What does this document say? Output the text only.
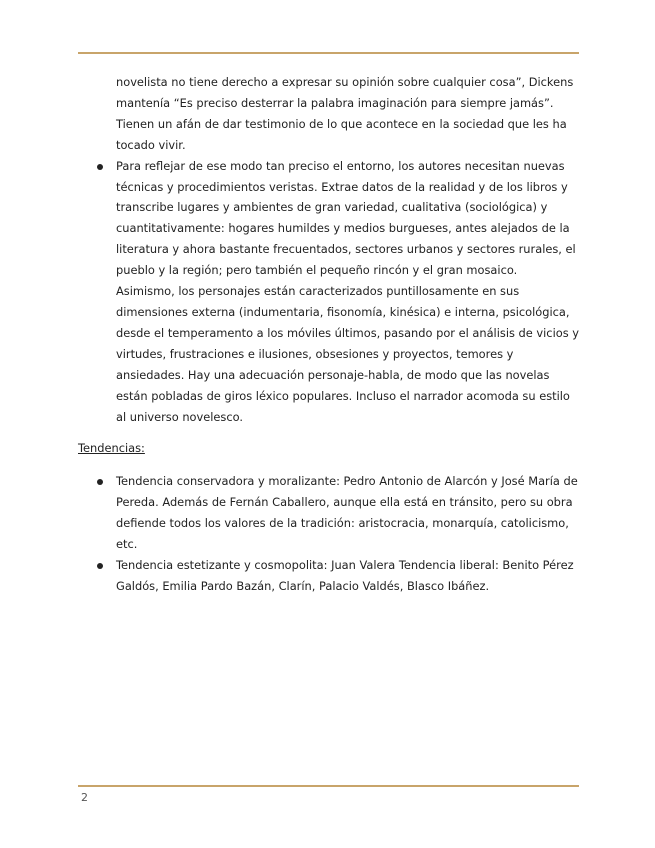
novelista no tiene derecho a expresar su opinión sobre cualquier cosa”, Dickens mantenía “Es preciso desterrar la palabra imaginación para siempre jamás”. Tienen un afán de dar testimonio de lo que acontece en la sociedad que les ha tocado vivir.

Para reflejar de ese modo tan preciso el entorno, los autores necesitan nuevas técnicas y procedimientos veristas. Extrae datos de la realidad y de los libros y transcribe lugares y ambientes de gran variedad, cualitativa (sociológica) y cuantitativamente: hogares humildes y medios burgueses, antes alejados de la literatura y ahora bastante frecuentados, sectores urbanos y sectores rurales, el pueblo y la región; pero también el pequeño rincón y el gran mosaico. Asimismo, los personajes están caracterizados puntillosamente en sus dimensiones externa (indumentaria, fisonomía, kinésica) e interna, psicológica, desde el temperamento a los móviles últimos, pasando por el análisis de vicios y virtudes, frustraciones e ilusiones, obsesiones y proyectos, temores y ansiedades. Hay una adecuación personaje-habla, de modo que las novelas están pobladas de giros léxico populares. Incluso el narrador acomoda su estilo al universo novelesco.
Tendencias:
Tendencia conservadora y moralizante: Pedro Antonio de Alarcón y José María de Pereda. Además de Fernán Caballero, aunque ella está en tránsito, pero su obra defiende todos los valores de la tradición: aristocracia, monarquía, catolicismo, etc.
Tendencia estetizante y cosmopolita: Juan Valera Tendencia liberal: Benito Pérez Galdós, Emilia Pardo Bazán, Clarín, Palacio Valdés, Blasco Ibáñez.
2
